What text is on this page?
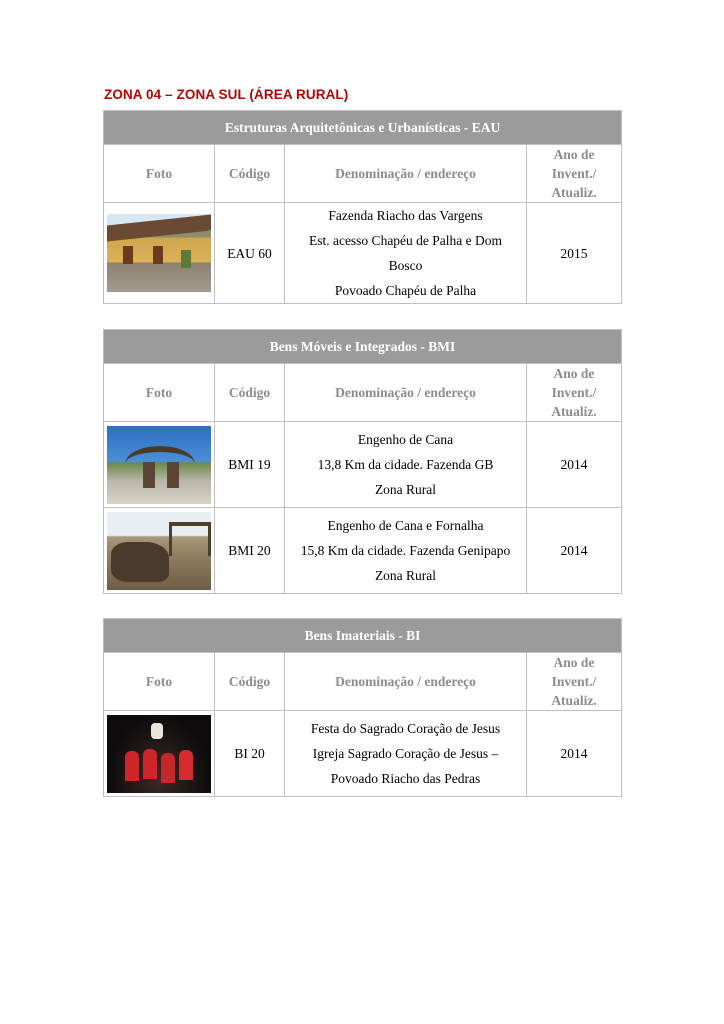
ZONA 04 – ZONA SUL (ÁREA RURAL)
Estruturas Arquitetônicas e Urbanísticas - EAU			
Foto	Código	Denominação / endereço	Ano de
Invent./
Atualiz.

	EAU 60	Fazenda Riacho das Vargens
Est. acesso Chapéu de Palha e Dom
Bosco
Povoado Chapéu de Palha	2015
Bens Móveis e Integrados - BMI			
Foto	Código	Denominação / endereço	Ano de
Invent./
Atualiz.

	BMI 19	Engenho de Cana
13,8 Km da cidade. Fazenda GB
Zona Rural	2014

	BMI 20	Engenho de Cana e Fornalha
15,8 Km da cidade. Fazenda Genipapo
Zona Rural	2014
Bens Imateriais - BI			
Foto	Código	Denominação / endereço	Ano de
Invent./
Atualiz.

	BI 20	Festa do Sagrado Coração de Jesus
Igreja Sagrado Coração de Jesus –
Povoado Riacho das Pedras	2014
